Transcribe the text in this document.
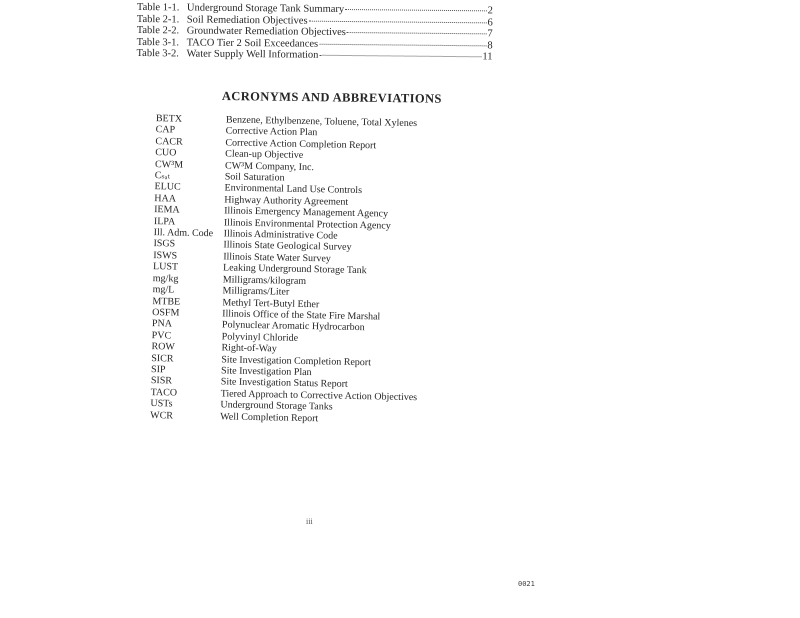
Table 1-1. Underground Storage Tank Summary	2
Table 2-1. Soil Remediation Objectives	6
Table 2-2. Groundwater Remediation Objectives	7
Table 3-1. TACO Tier 2 Soil Exceedances	8
Table 3-2. Water Supply Well Information	11
ACRONYMS AND ABBREVIATIONS
BETX	Benzene, Ethylbenzene, Toluene, Total Xylenes
CAP	Corrective Action Plan
CACR	Corrective Action Completion Report
CUO	Clean-up Objective
CW³M	CW³M Company, Inc.
Cₛₐₜ	Soil Saturation
ELUC	Environmental Land Use Controls
HAA	Highway Authority Agreement
IEMA	Illinois Emergency Management Agency
ILPA	Illinois Environmental Protection Agency
Ill. Adm. Code	Illinois Administrative Code
ISGS	Illinois State Geological Survey
ISWS	Illinois State Water Survey
LUST	Leaking Underground Storage Tank
mg/kg	Milligrams/kilogram
mg/L	Milligrams/Liter
MTBE	Methyl Tert-Butyl Ether
OSFM	Illinois Office of the State Fire Marshal
PNA	Polynuclear Aromatic Hydrocarbon
PVC	Polyvinyl Chloride
ROW	Right-of-Way
SICR	Site Investigation Completion Report
SIP	Site Investigation Plan
SISR	Site Investigation Status Report
TACO	Tiered Approach to Corrective Action Objectives
USTs	Underground Storage Tanks
WCR	Well Completion Report
iii
0021
